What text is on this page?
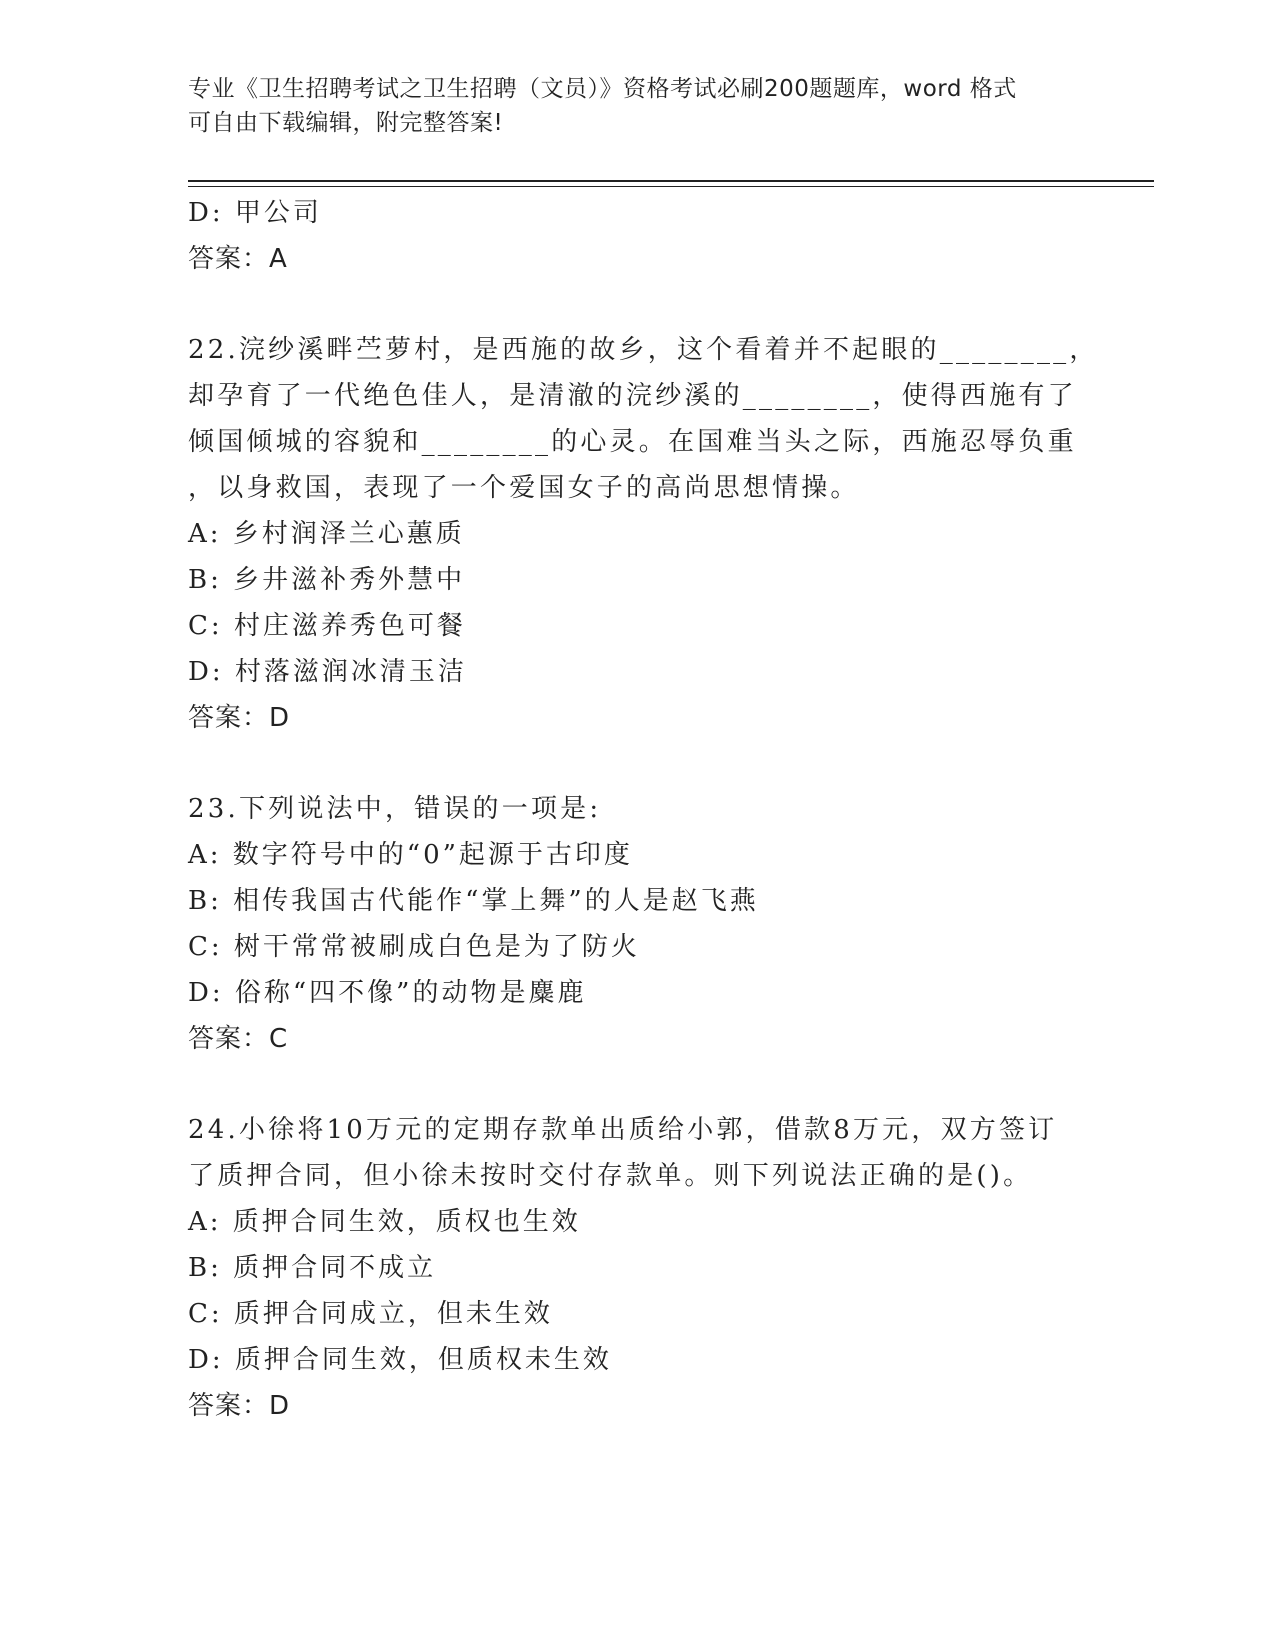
专业《卫生招聘考试之卫生招聘（文员）》资格考试必刷200题题库，word 格式
可自由下载编辑，附完整答案!
D: 甲公司
答案：A
22.浣纱溪畔苎萝村，是西施的故乡，这个看着并不起眼的________，
却孕育了一代绝色佳人，是清澈的浣纱溪的________，使得西施有了
倾国倾城的容貌和________的心灵。在国难当头之际，西施忍辱负重
，以身救国，表现了一个爱国女子的高尚思想情操。
A: 乡村润泽兰心蕙质
B: 乡井滋补秀外慧中
C: 村庄滋养秀色可餐
D: 村落滋润冰清玉洁
答案：D
23.下列说法中，错误的一项是:
A: 数字符号中的“0”起源于古印度
B: 相传我国古代能作“掌上舞”的人是赵飞燕
C: 树干常常被刷成白色是为了防火
D: 俗称“四不像”的动物是麋鹿
答案：C
24.小徐将10万元的定期存款单出质给小郭，借款8万元，双方签订
了质押合同，但小徐未按时交付存款单。则下列说法正确的是()。
A: 质押合同生效，质权也生效
B: 质押合同不成立
C: 质押合同成立，但未生效
D: 质押合同生效，但质权未生效
答案：D
